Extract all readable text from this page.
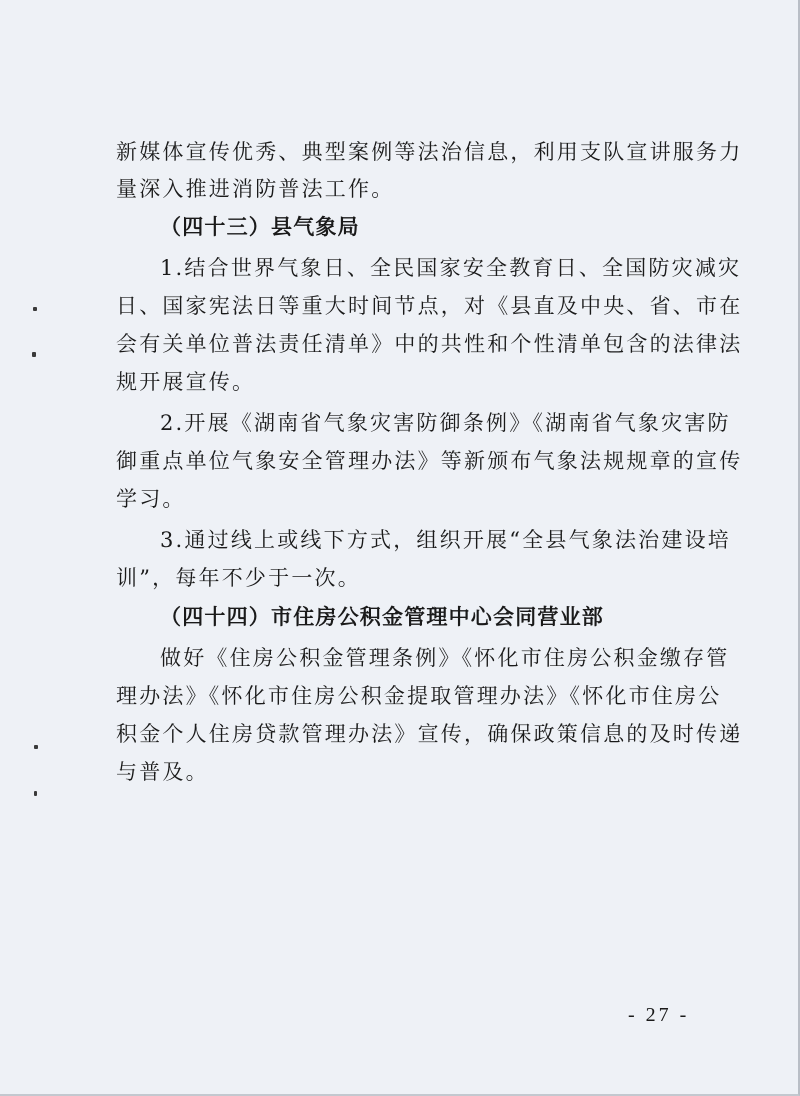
新媒体宣传优秀、典型案例等法治信息，利用支队宣讲服务力
量深入推进消防普法工作。
（四十三）县气象局
1.结合世界气象日、全民国家安全教育日、全国防灾减灾
日、国家宪法日等重大时间节点，对《县直及中央、省、市在
会有关单位普法责任清单》中的共性和个性清单包含的法律法
规开展宣传。
2.开展《湖南省气象灾害防御条例》《湖南省气象灾害防
御重点单位气象安全管理办法》等新颁布气象法规规章的宣传
学习。
3.通过线上或线下方式，组织开展“全县气象法治建设培
训”，每年不少于一次。
（四十四）市住房公积金管理中心会同营业部
做好《住房公积金管理条例》《怀化市住房公积金缴存管
理办法》《怀化市住房公积金提取管理办法》《怀化市住房公
积金个人住房贷款管理办法》宣传，确保政策信息的及时传递
与普及。
- 27 -
